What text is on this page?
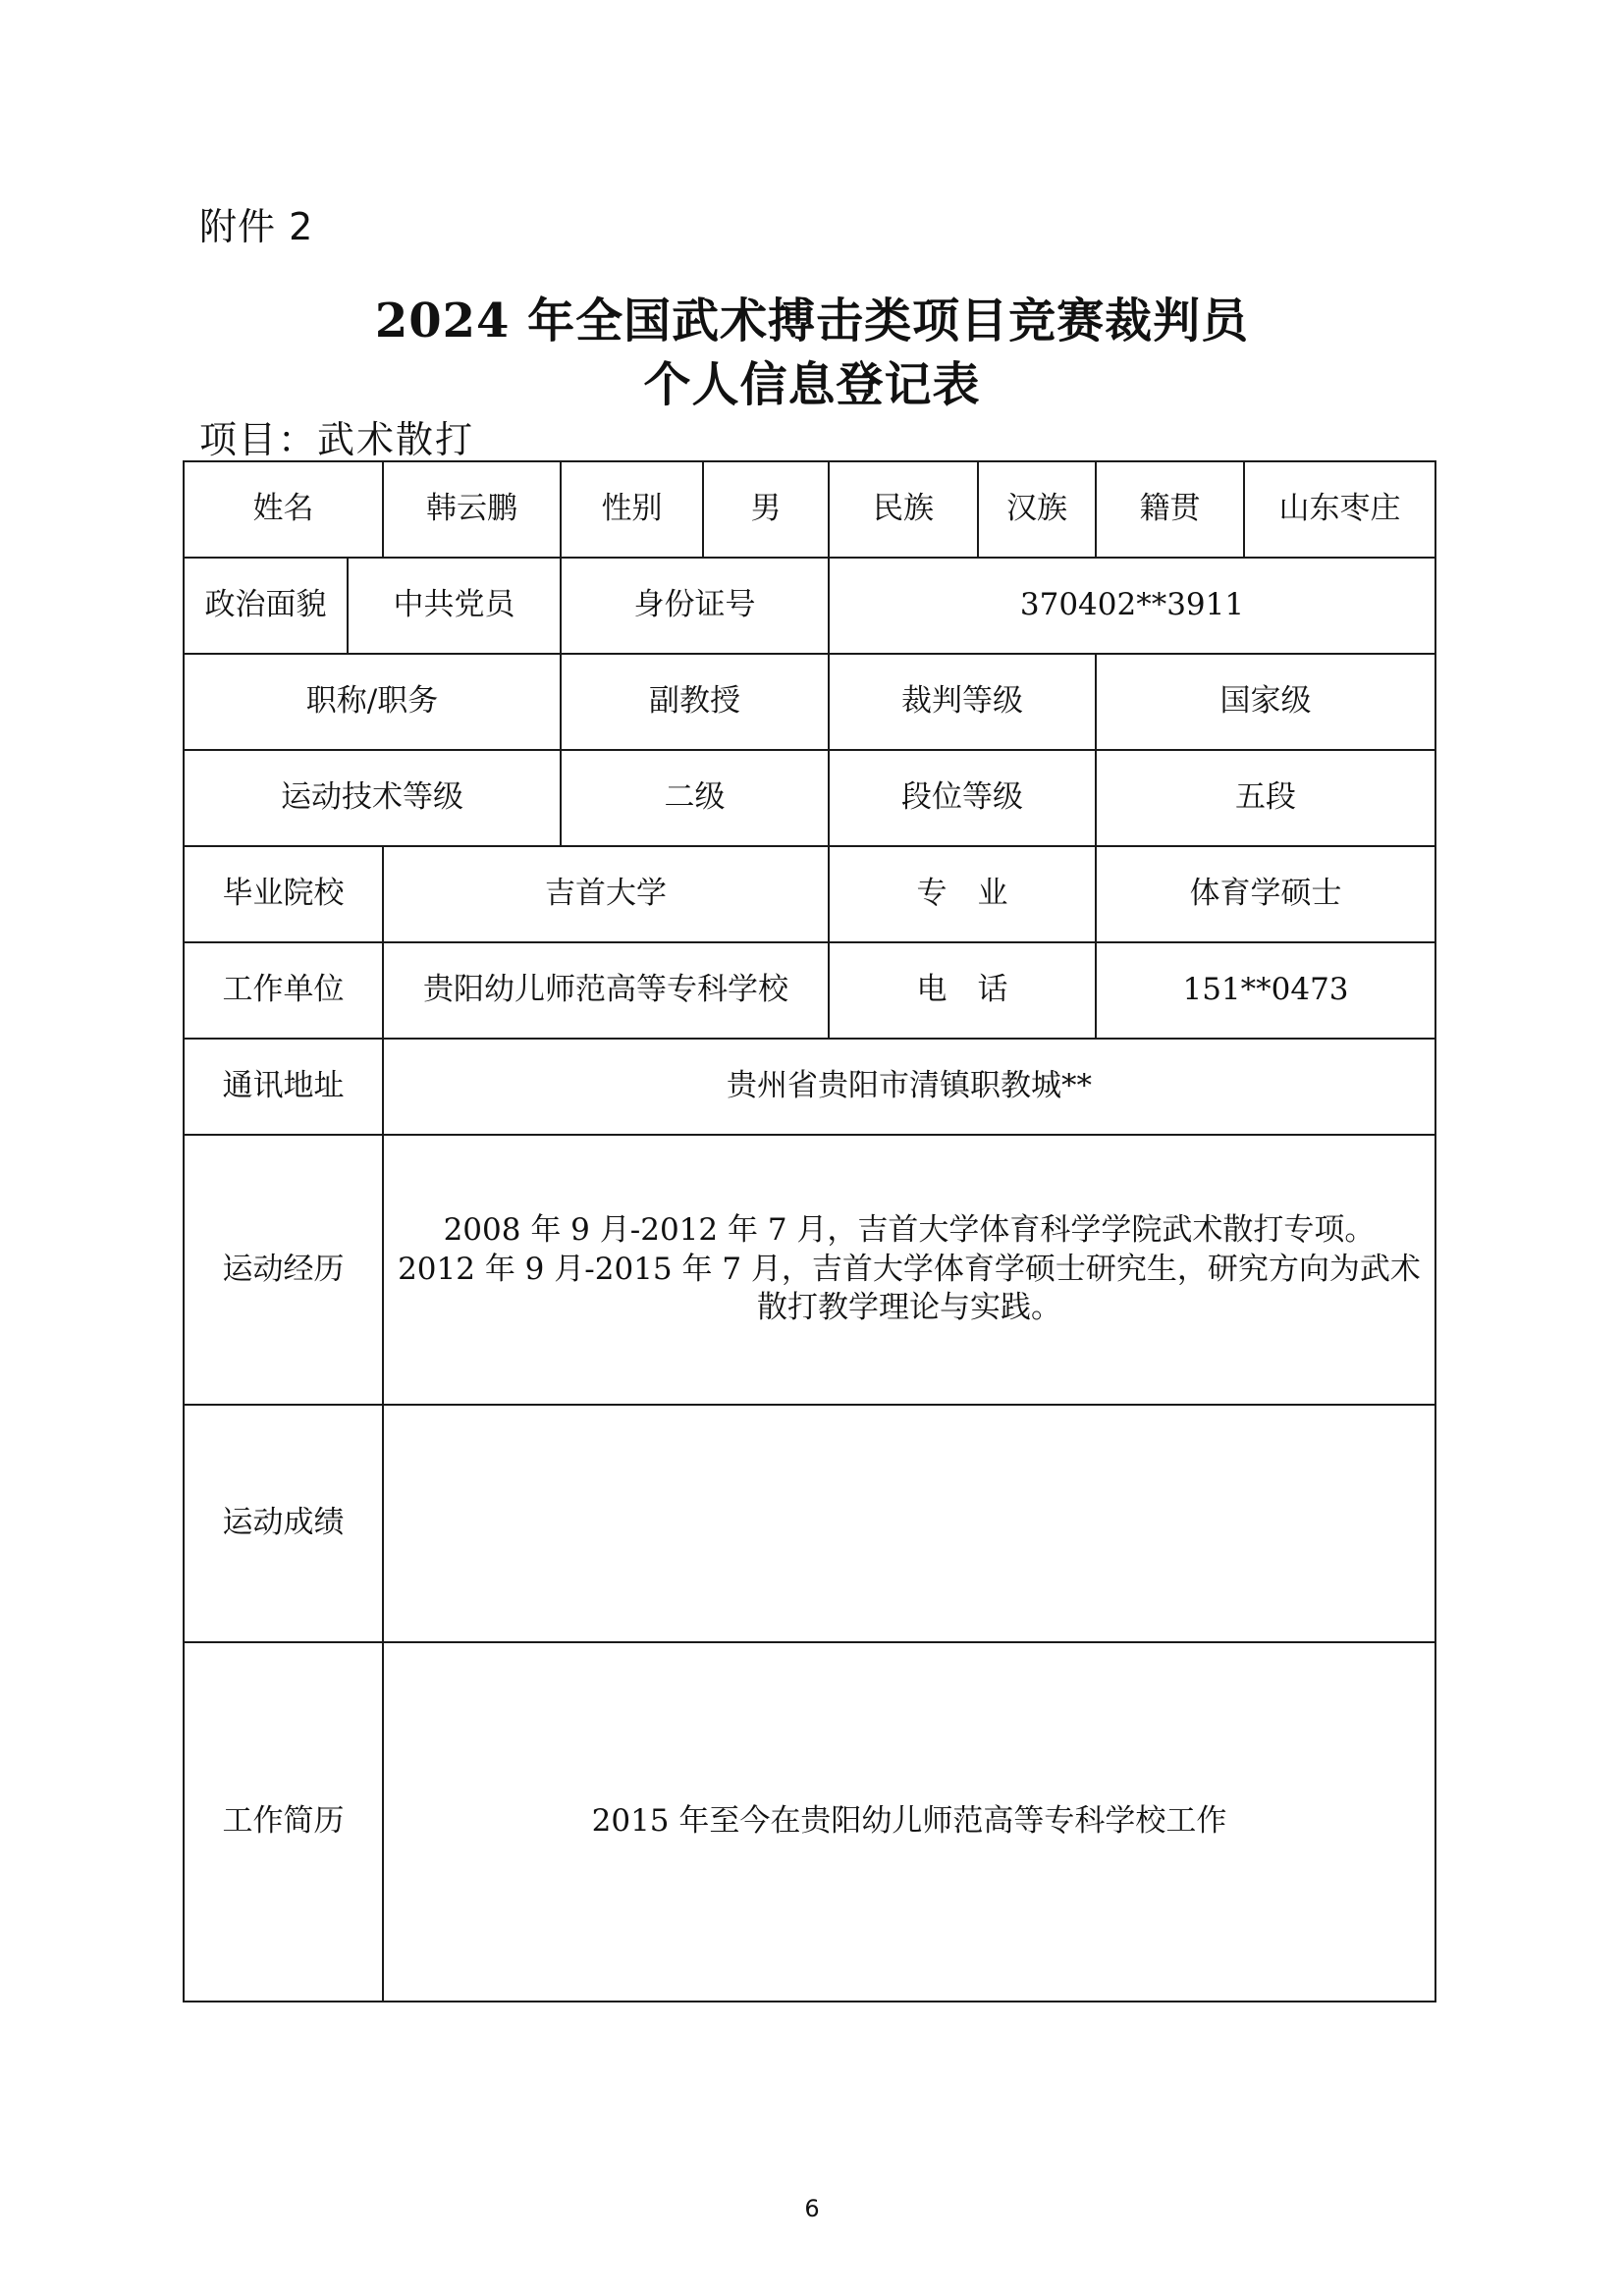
附件 2
2024 年全国武术搏击类项目竞赛裁判员
个人信息登记表
项目：武术散打
姓名		韩云鹏	性别	男	民族	汉族	籍贯	山东枣庄
政治面貌	中共党员		身份证号		370402**3911			
职称/职务			副教授		裁判等级		国家级	
运动技术等级			二级		段位等级		五段	
毕业院校		吉首大学			专　业		体育学硕士	
工作单位		贵阳幼儿师范高等专科学校			电　话		151**0473	
通讯地址		贵州省贵阳市清镇职教城**						
运动经历		2008 年 9 月-2012 年 7 月，吉首大学体育科学学院武术散打专项。
2012 年 9 月-2015 年 7 月，吉首大学体育学硕士研究生，研究方向为武术散打教学理论与实践。						

运动成绩								
工作简历		2015 年至今在贵阳幼儿师范高等专科学校工作						
6
